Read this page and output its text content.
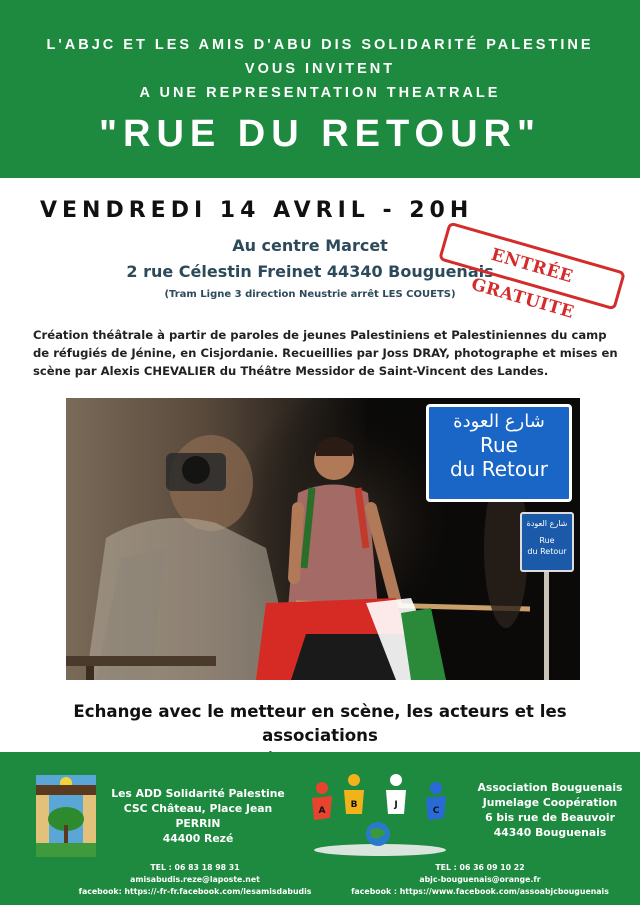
L'ABJC ET LES AMIS D'ABU DIS SOLIDARITÉ PALESTINE
VOUS INVITENT
A UNE REPRESENTATION THEATRALE
"RUE DU RETOUR"
VENDREDI 14 AVRIL - 20H
Au centre Marcet
2 rue Célestin Freinet 44340 Bouguenais
(Tram Ligne 3 direction Neustrie arrêt LES COUETS)
ENTRÉE GRATUITE
Création théâtrale à partir de paroles de jeunes Palestiniens et Palestiniennes du camp de réfugiés de Jénine, en Cisjordanie. Recueillies par Joss DRAY, photographe et mises en scène par Alexis CHEVALIER du Théâtre Messidor de Saint-Vincent des Landes.
شارع العودة
Rue
du Retour
شارع العودة
Rue
du Retour
Echange avec le metteur en scène, les acteurs et les associations
Les ADD Solidarité Palestine
CSC Château, Place Jean PERRIN
44400 Rezé
A
B	J
C
Association Bouguenais
Jumelage Coopération
6 bis rue de Beauvoir
44340 Bouguenais
TEL : 06 83 18 98 31
amisabudis.reze@laposte.net
facebook: https://-fr-fr.facebook.com/lesamisdabudis
TEL : 06 36 09 10 22
abjc-bouguenais@orange.fr
facebook : https://www.facebook.com/assoabjcbouguenais
